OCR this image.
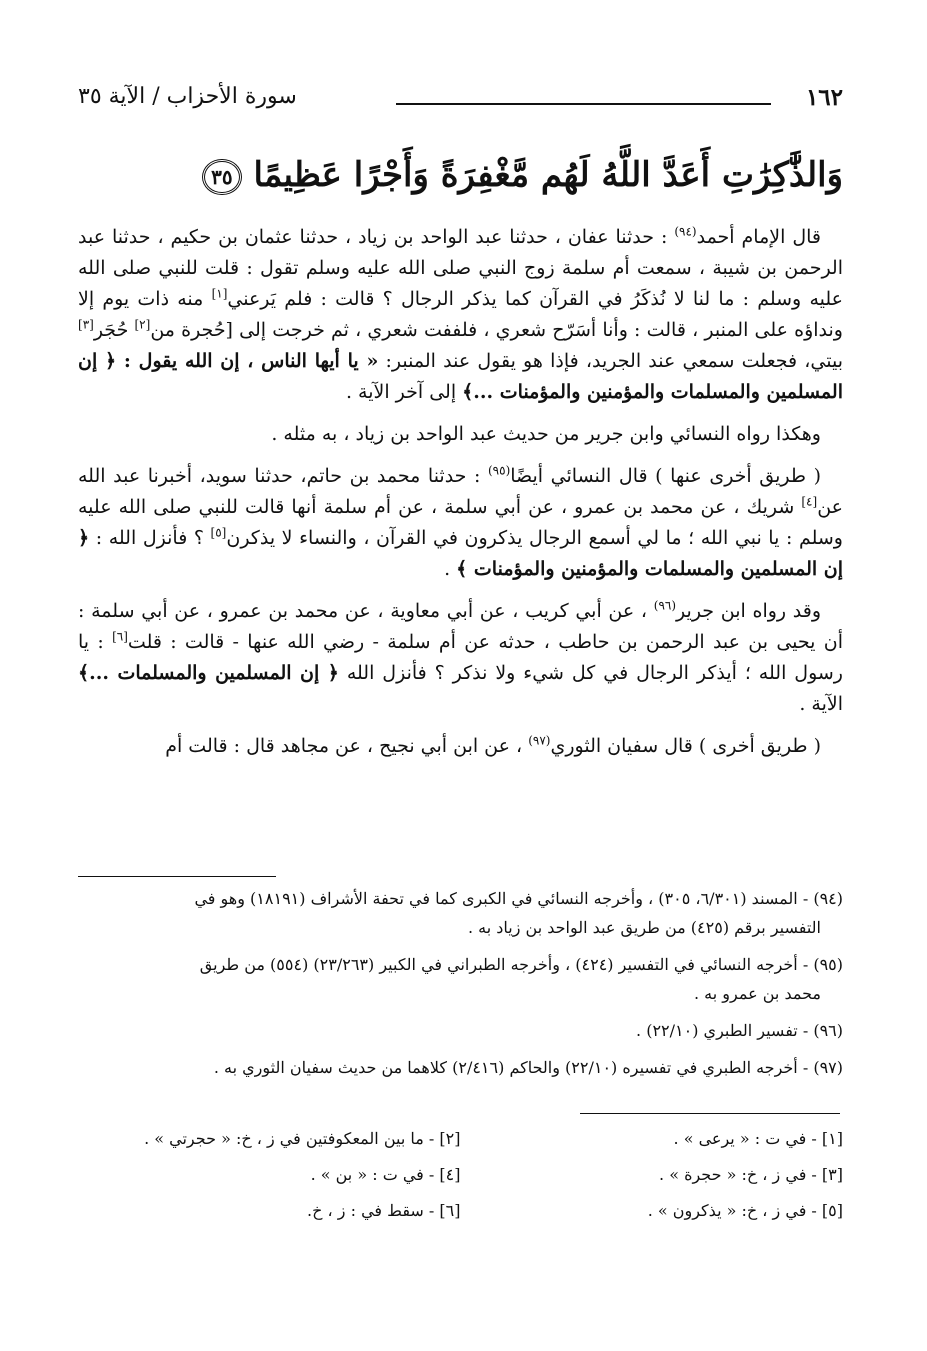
١٦٢
سورة الأحزاب / الآية ٣٥
وَالذَّٰكِرَٰتِ أَعَدَّ اللَّهُ لَهُم مَّغْفِرَةً وَأَجْرًا عَظِيمًا ٣٥

قال الإمام أحمد$^{(٩٤)}$ : حدثنا عفان ، حدثنا عبد الواحد بن زياد ، حدثنا عثمان بن حكيم ، حدثنا عبد الرحمن بن شيبة ، سمعت أم سلمة زوج النبي صلى الله عليه وسلم تقول : قلت للنبي صلى الله عليه وسلم : ما لنا لا نُذكَرُ في القرآن كما يذكر الرجال ؟ قالت : فلم يَرعني[١] منه ذات يوم إلا ونداؤه على المنبر ، قالت : وأنا أسَرّح شعري ، فلففت شعري ، ثم خرجت إلى [حُجرة من[٢] حُجَر[٣] بيتي، فجعلت سمعي عند الجريد، فإذا هو يقول عند المنبر: « يا أيها الناس ، إن الله يقول : ﴿ إن المسلمين والمسلمات والمؤمنين والمؤمنات ...﴾ إلى آخر الآية .

وهكذا رواه النسائي وابن جرير من حديث عبد الواحد بن زياد ، به مثله .

( طريق أخرى عنها ) قال النسائي أيضًا$^{(٩٥)}$ : حدثنا محمد بن حاتم، حدثنا سويد، أخبرنا عبد الله عن[٤] شريك ، عن محمد بن عمرو ، عن أبي سلمة ، عن أم سلمة أنها قالت للنبي صلى الله عليه وسلم : يا نبي الله ؛ ما لي أسمع الرجال يذكرون في القرآن ، والنساء لا يذكرن[٥] ؟ فأنزل الله : ﴿ إن المسلمين والمسلمات والمؤمنين والمؤمنات ﴾ .

وقد رواه ابن جرير$^{(٩٦)}$ ، عن أبي كريب ، عن أبي معاوية ، عن محمد بن عمرو ، عن أبي سلمة : أن يحيى بن عبد الرحمن بن حاطب ، حدثه عن أم سلمة - رضي الله عنها - قالت : قلت[٦] : يا رسول الله ؛ أيذكر الرجال في كل شيء ولا نذكر ؟ فأنزل الله ﴿ إن المسلمين والمسلمات ...﴾ الآية .

( طريق أخرى ) قال سفيان الثوري$^{(٩٧)}$ ، عن ابن أبي نجيح ، عن مجاهد قال : قالت أم

(٩٤) - المسند (٦/٣٠١، ٣٠٥) ، وأخرجه النسائي في الكبرى كما في تحفة الأشراف (١٨١٩١) وهو في
التفسير برقم (٤٢٥) من طريق عبد الواحد بن زياد به .
(٩٥) - أخرجه النسائي في التفسير (٤٢٤) ، وأخرجه الطبراني في الكبير (٢٣/٢٦٣) (٥٥٤) من طريق
محمد بن عمرو به .
(٩٦) - تفسير الطبري (٢٢/١٠) .
(٩٧) - أخرجه الطبري في تفسيره (٢٢/١٠) والحاكم (٢/٤١٦) كلاهما من حديث سفيان الثوري به .
[١] - في ت : « يرعى » .
[٢] - ما بين المعكوفتين في ز ، خ: « حجرتي » .
[٣] - في ز ، خ: « حجرة » .
[٤] - في ت : « بن » .
[٥] - في ز ، خ: « يذكرون » .
[٦] - سقط في : ز ، خ.
